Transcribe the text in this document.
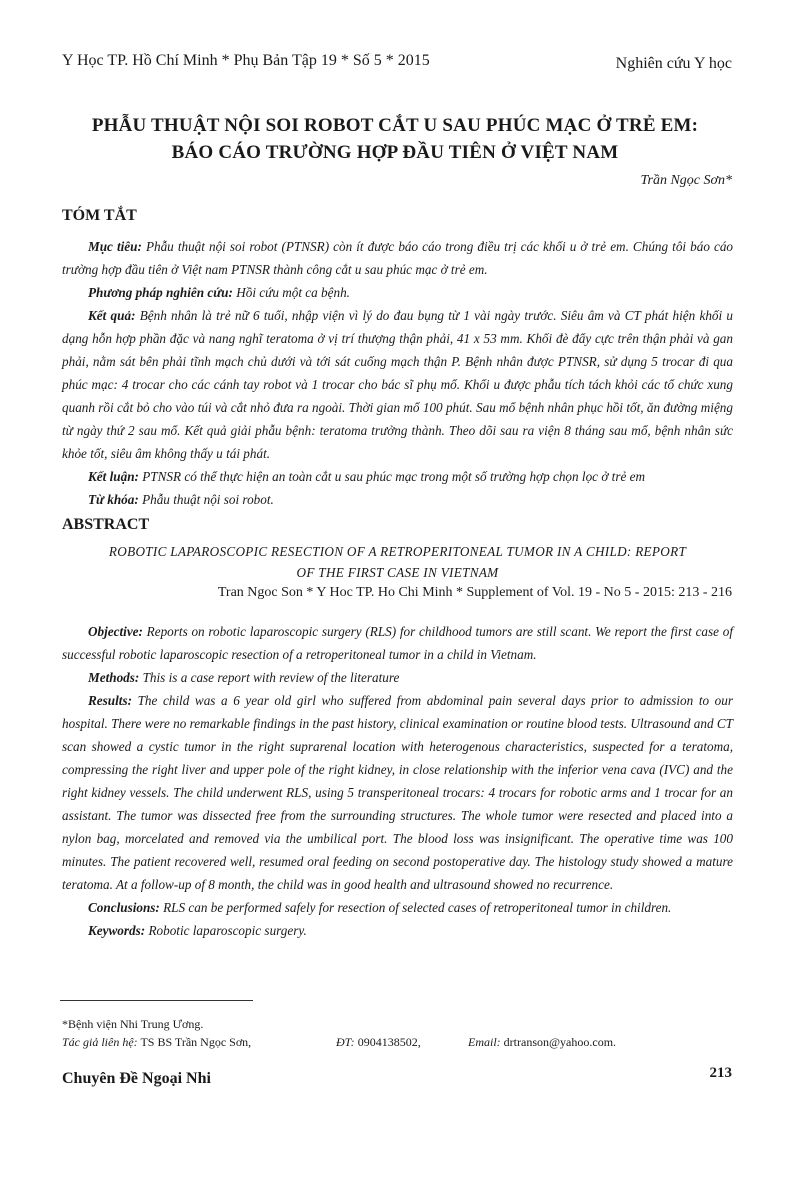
Y Học TP. Hồ Chí Minh * Phụ Bản Tập 19 * Số 5 * 2015	Nghiên cứu Y học
PHẪU THUẬT NỘI SOI ROBOT CẮT U SAU PHÚC MẠC Ở TRẺ EM:
BÁO CÁO TRƯỜNG HỢP ĐẦU TIÊN Ở VIỆT NAM
Trần Ngọc Sơn*
TÓM TẮT

Mục tiêu: Phẫu thuật nội soi robot (PTNSR) còn ít được báo cáo trong điều trị các khối u ở trẻ em. Chúng tôi báo cáo trường hợp đầu tiên ở Việt nam PTNSR thành công cắt u sau phúc mạc ở trẻ em.

Phương pháp nghiên cứu: Hồi cứu một ca bệnh.

Kết quả: Bệnh nhân là trẻ nữ 6 tuổi, nhập viện vì lý do đau bụng từ 1 vài ngày trước. Siêu âm và CT phát hiện khối u dạng hỗn hợp phần đặc và nang nghĩ teratoma ở vị trí thượng thận phải, 41 x 53 mm. Khối đè đẩy cực trên thận phải và gan phải, nằm sát bên phải tĩnh mạch chủ dưới và tới sát cuống mạch thận P. Bệnh nhân được PTNSR, sử dụng 5 trocar đi qua phúc mạc: 4 trocar cho các cánh tay robot và 1 trocar cho bác sĩ phụ mổ. Khối u được phẫu tích tách khỏi các tổ chức xung quanh rồi cắt bỏ cho vào túi và cắt nhỏ đưa ra ngoài. Thời gian mổ 100 phút. Sau mổ bệnh nhân phục hồi tốt, ăn đường miệng từ ngày thứ 2 sau mổ. Kết quả giải phẫu bệnh: teratoma trưởng thành. Theo dõi sau ra viện 8 tháng sau mổ, bệnh nhân sức khỏe tốt, siêu âm không thấy u tái phát.

Kết luận: PTNSR có thể thực hiện an toàn cắt u sau phúc mạc trong một số trường hợp chọn lọc ở trẻ em

Từ khóa: Phẫu thuật nội soi robot.

ABSTRACT
ROBOTIC LAPAROSCOPIC RESECTION OF A RETROPERITONEAL TUMOR IN A CHILD: REPORT
OF THE FIRST CASE IN VIETNAM
Tran Ngoc Son * Y Hoc TP. Ho Chi Minh * Supplement of Vol. 19 - No 5 - 2015: 213 - 216

Objective: Reports on robotic laparoscopic surgery (RLS) for childhood tumors are still scant. We report the first case of successful robotic laparoscopic resection of a retroperitoneal tumor in a child in Vietnam.

Methods: This is a case report with review of the literature

Results: The child was a 6 year old girl who suffered from abdominal pain several days prior to admission to our hospital. There were no remarkable findings in the past history, clinical examination or routine blood tests. Ultrasound and CT scan showed a cystic tumor in the right suprarenal location with heterogenous characteristics, suspected for a teratoma, compressing the right liver and upper pole of the right kidney, in close relationship with the inferior vena cava (IVC) and the right kidney vessels. The child underwent RLS, using 5 transperitoneal trocars: 4 trocars for robotic arms and 1 trocar for an assistant. The tumor was dissected free from the surrounding structures. The whole tumor were resected and placed into a nylon bag, morcelated and removed via the umbilical port. The blood loss was insignificant. The operative time was 100 minutes. The patient recovered well, resumed oral feeding on second postoperative day. The histology study showed a mature teratoma. At a follow-up of 8 month, the child was in good health and ultrasound showed no recurrence.

Conclusions: RLS can be performed safely for resection of selected cases of retroperitoneal tumor in children.

Keywords: Robotic laparoscopic surgery.

*Bệnh viện Nhi Trung Ương.
Tác giả liên hệ: TS BS Trần Ngọc Sơn,	ĐT: 0904138502,	Email: drtranson@yahoo.com.
Chuyên Đề Ngoại Nhi	213
